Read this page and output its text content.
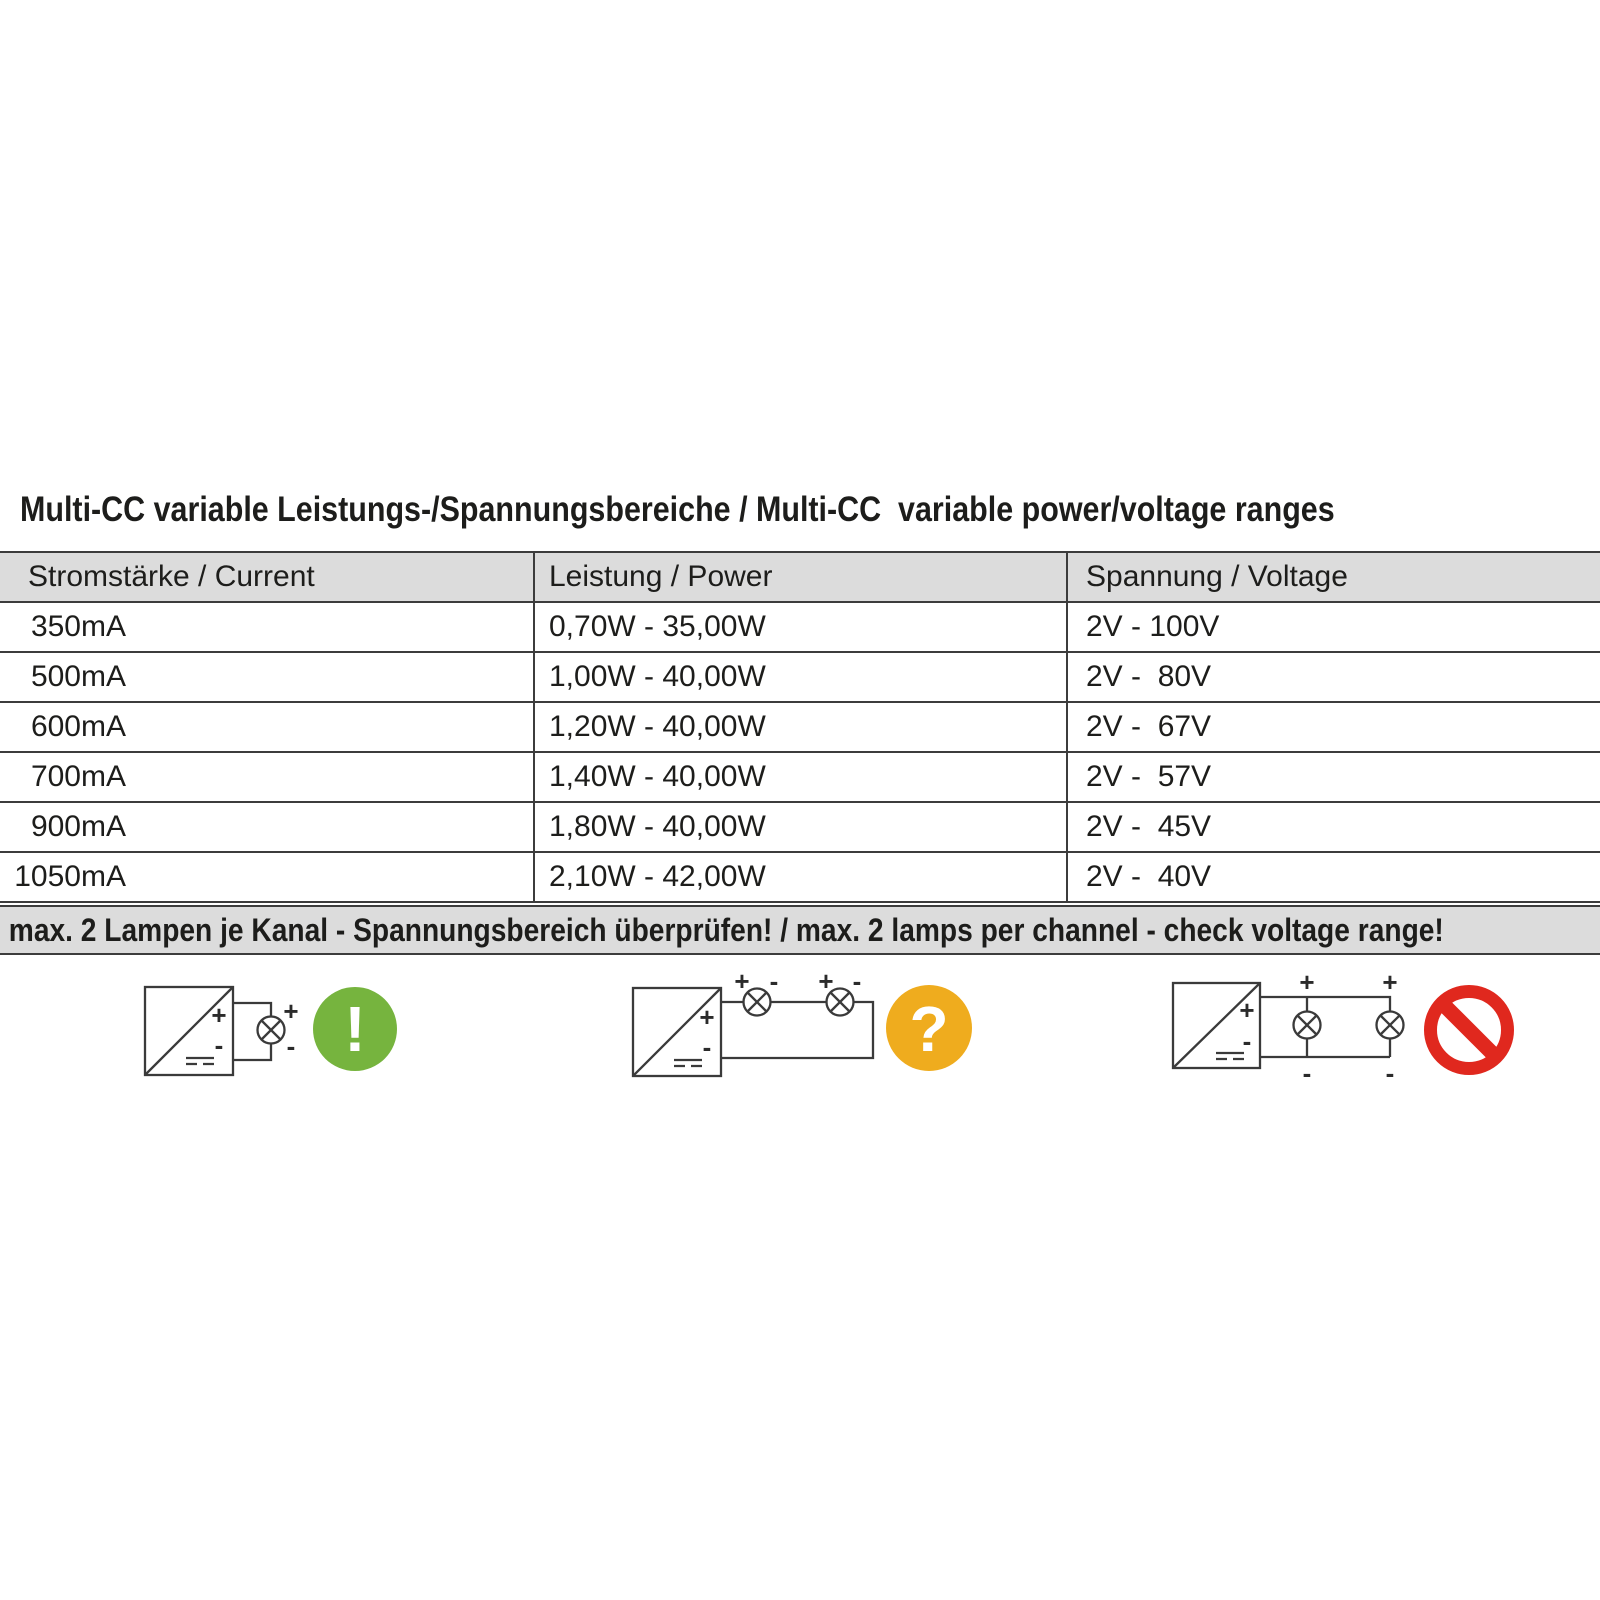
Multi-CC variable Leistungs-/Spannungsbereiche / Multi-CC  variable power/voltage ranges
Stromstärke / Current	Leistung / Power	Spannung / Voltage
350mA	0,70W - 35,00W	2V - 100V
500mA	1,00W - 40,00W	2V -  80V
600mA	1,20W - 40,00W	2V -  67V
700mA	1,40W - 40,00W	2V -  57V
900mA	1,80W - 40,00W	2V -  45V
1050mA	2,10W - 42,00W	2V -  40V
max. 2 Lampen je Kanal - Spannungsbereich überprüfen! / max. 2 lamps per channel - check voltage range!
+
-
+
- !	+
-
+ - + -
?	+
-
+	+
-	-
